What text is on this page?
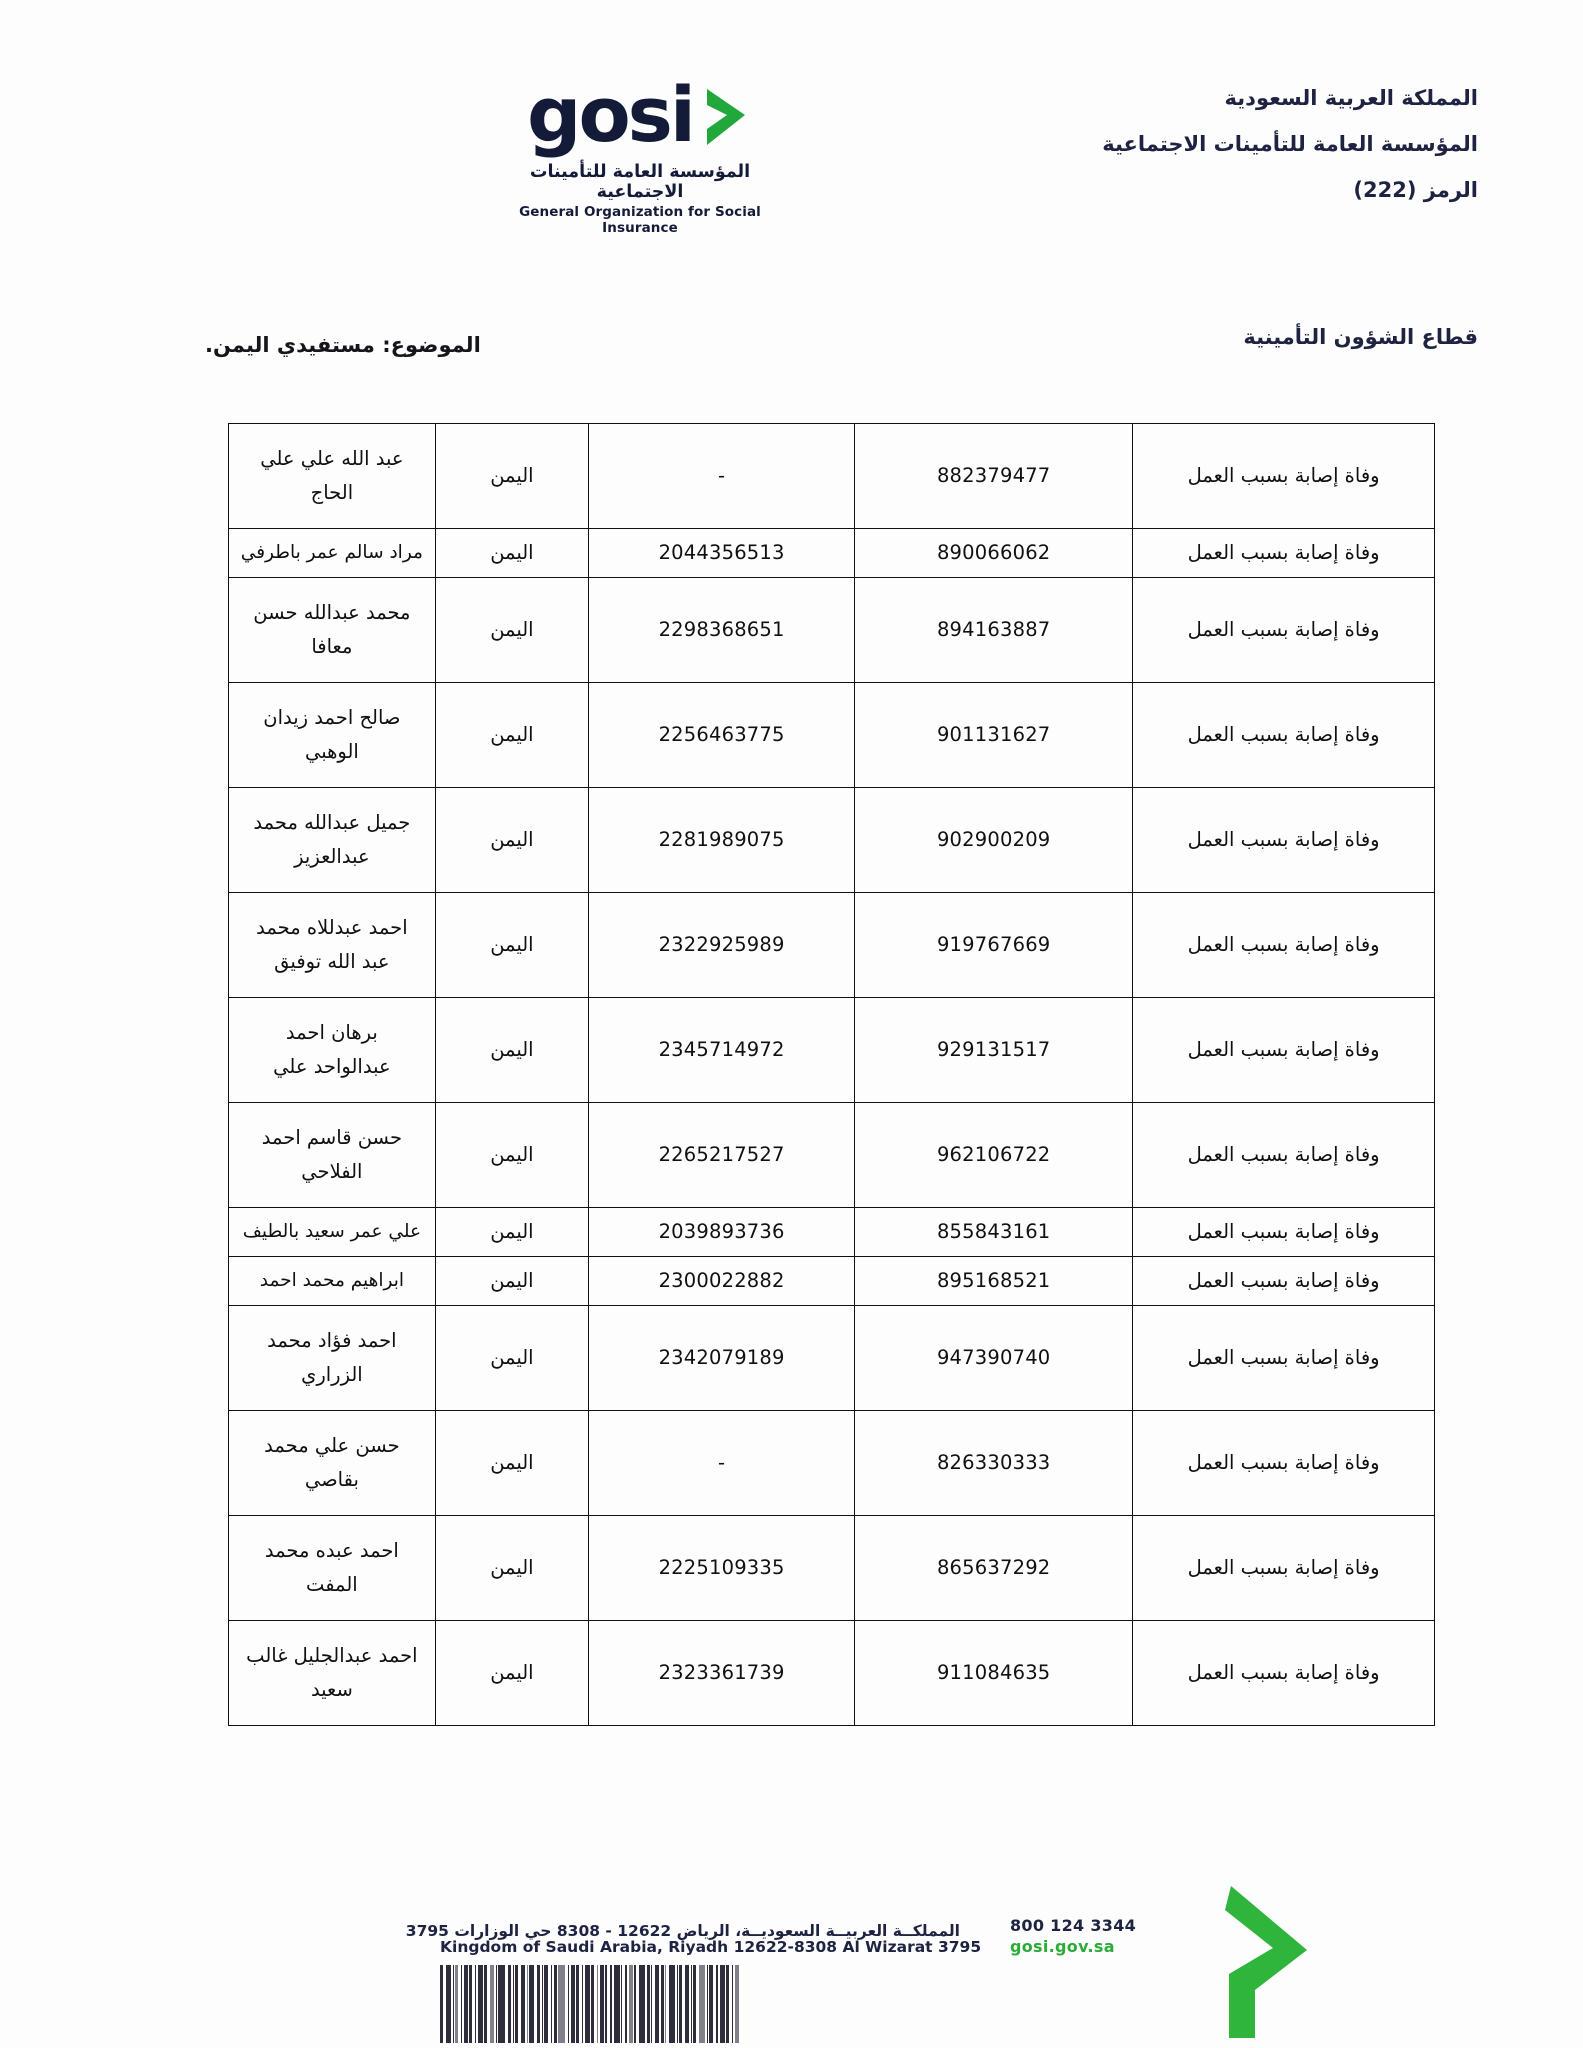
gosi
المؤسسة العامة للتأمينات الاجتماعية
General Organization for Social Insurance
المملكة العربية السعودية
المؤسسة العامة للتأمينات الاجتماعية
الرمز (222)
قطاع الشؤون التأمينية
الموضوع: مستفيدي اليمن.
وفاة إصابة بسبب العمل	882379477	-	اليمن	عبد الله علي علي
الحاج

وفاة إصابة بسبب العمل	890066062	2044356513	اليمن	مراد سالم عمر باطرفي

وفاة إصابة بسبب العمل	894163887	2298368651	اليمن	محمد عبدالله حسن
معافا

وفاة إصابة بسبب العمل	901131627	2256463775	اليمن	صالح احمد زيدان
الوهبي

وفاة إصابة بسبب العمل	902900209	2281989075	اليمن	جميل عبدالله محمد
عبدالعزيز

وفاة إصابة بسبب العمل	919767669	2322925989	اليمن	احمد عبدللاه محمد
عبد الله توفيق

وفاة إصابة بسبب العمل	929131517	2345714972	اليمن	برهان احمد
عبدالواحد علي

وفاة إصابة بسبب العمل	962106722	2265217527	اليمن	حسن قاسم احمد
الفلاحي

وفاة إصابة بسبب العمل	855843161	2039893736	اليمن	علي عمر سعيد بالطيف

وفاة إصابة بسبب العمل	895168521	2300022882	اليمن	ابراهيم محمد احمد

وفاة إصابة بسبب العمل	947390740	2342079189	اليمن	احمد فؤاد محمد
الزراري

وفاة إصابة بسبب العمل	826330333	-	اليمن	حسن علي محمد
بقاصي

وفاة إصابة بسبب العمل	865637292	2225109335	اليمن	احمد عبده محمد
المفت

وفاة إصابة بسبب العمل	911084635	2323361739	اليمن	احمد عبدالجليل غالب
سعيد
المملكــة العربيــة السعوديــة، الرياض 12622 - 8308 حي الوزارات 3795
Kingdom of Saudi Arabia, Riyadh 12622-8308 Al Wizarat 3795
800 124 3344
gosi.gov.sa
